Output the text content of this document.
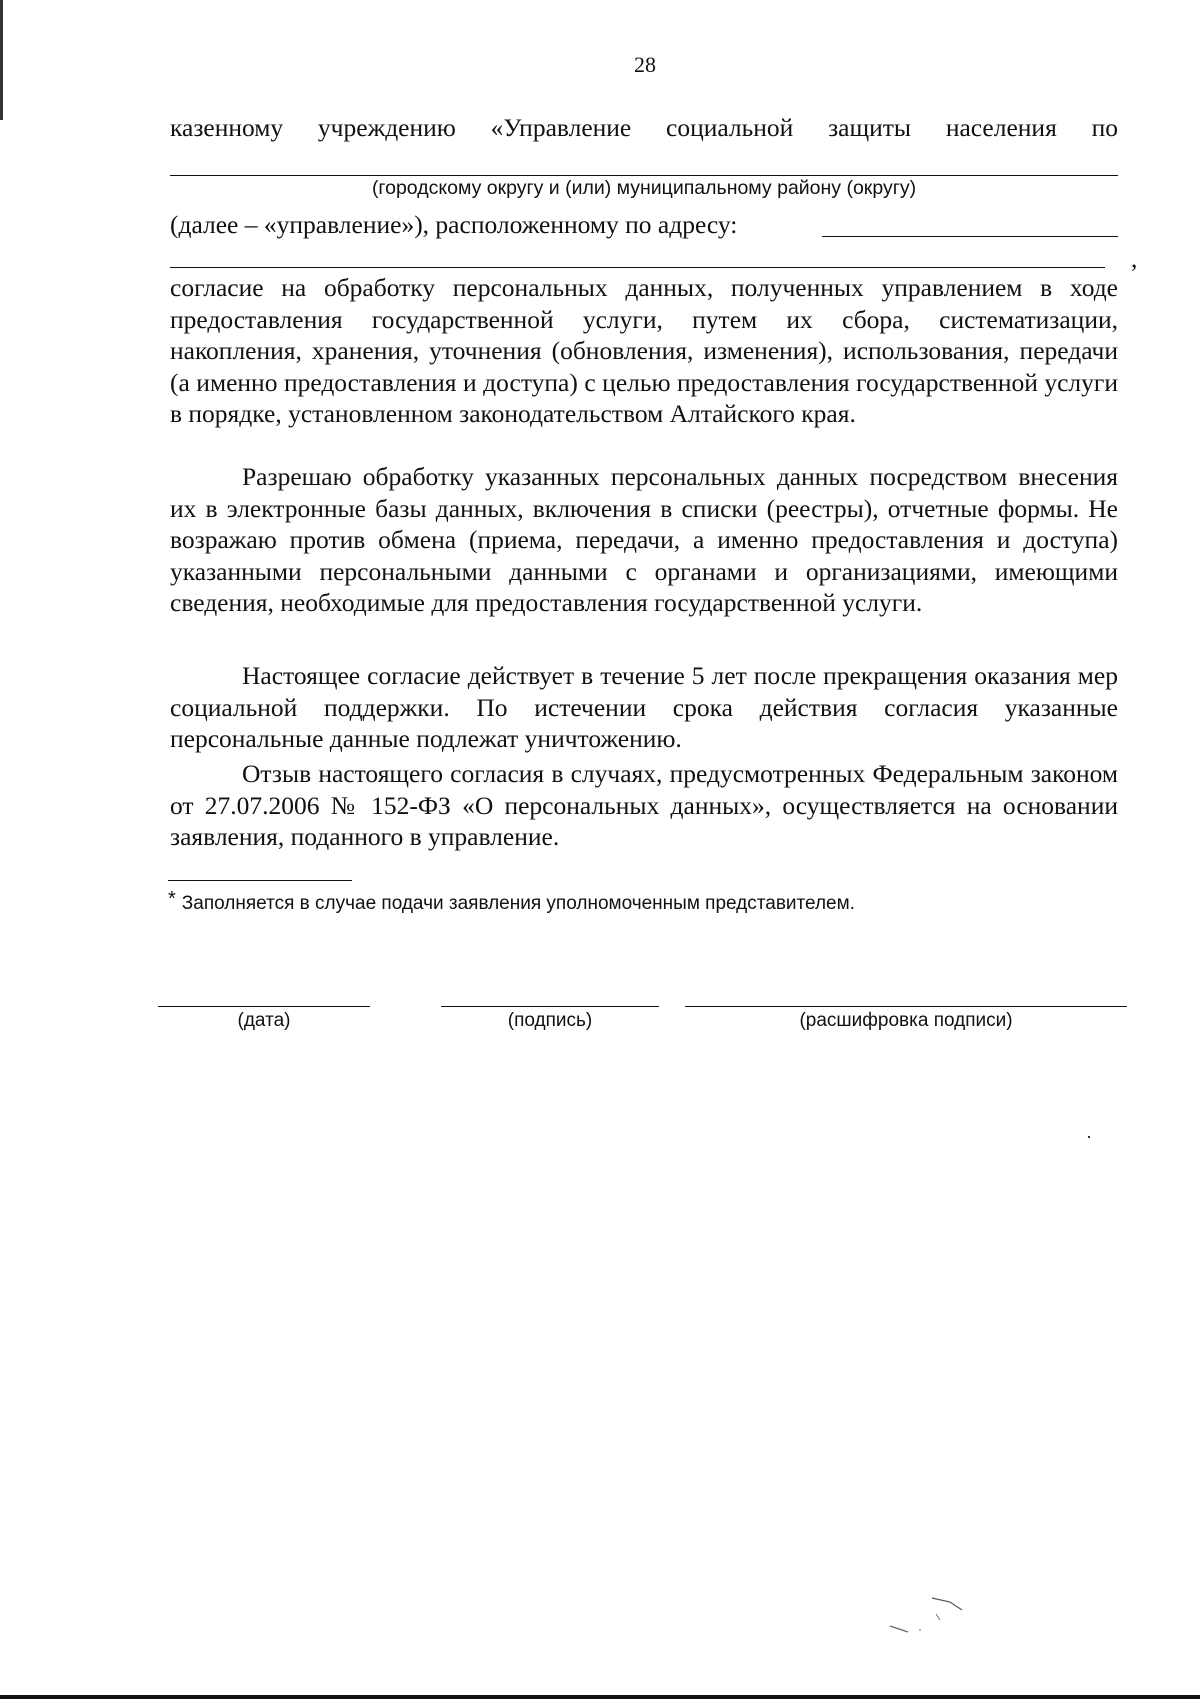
28
казенному учреждению «Управление социальной защиты населения по
(городскому округу и (или) муниципальному району (округу)
(далее – «управление»), расположенному по адресу:
,
согласие на обработку персональных данных, полученных управлением в ходе предоставления государственной услуги, путем их сбора, систематизации, накопления, хранения, уточнения (обновления, изменения), использования, передачи (а именно предоставления и доступа) с целью предоставления государственной услуги в порядке, установленном законодательством Алтайского края.
Разрешаю обработку указанных персональных данных посредством внесения их в электронные базы данных, включения в списки (реестры), отчетные формы. Не возражаю против обмена (приема, передачи, а именно предоставления и доступа) указанными персональными данными с органами и организациями, имеющими сведения, необходимые для предоставления государственной услуги.
Настоящее согласие действует в течение 5 лет после прекращения оказания мер социальной поддержки. По истечении срока действия согласия указанные персональные данные подлежат уничтожению.
Отзыв настоящего согласия в случаях, предусмотренных Федеральным законом от 27.07.2006 № 152-ФЗ «О персональных данных», осуществляется на основании заявления, поданного в управление.
* Заполняется в случае подачи заявления уполномоченным представителем.
(дата)	(подпись)	(расшифровка подписи)
